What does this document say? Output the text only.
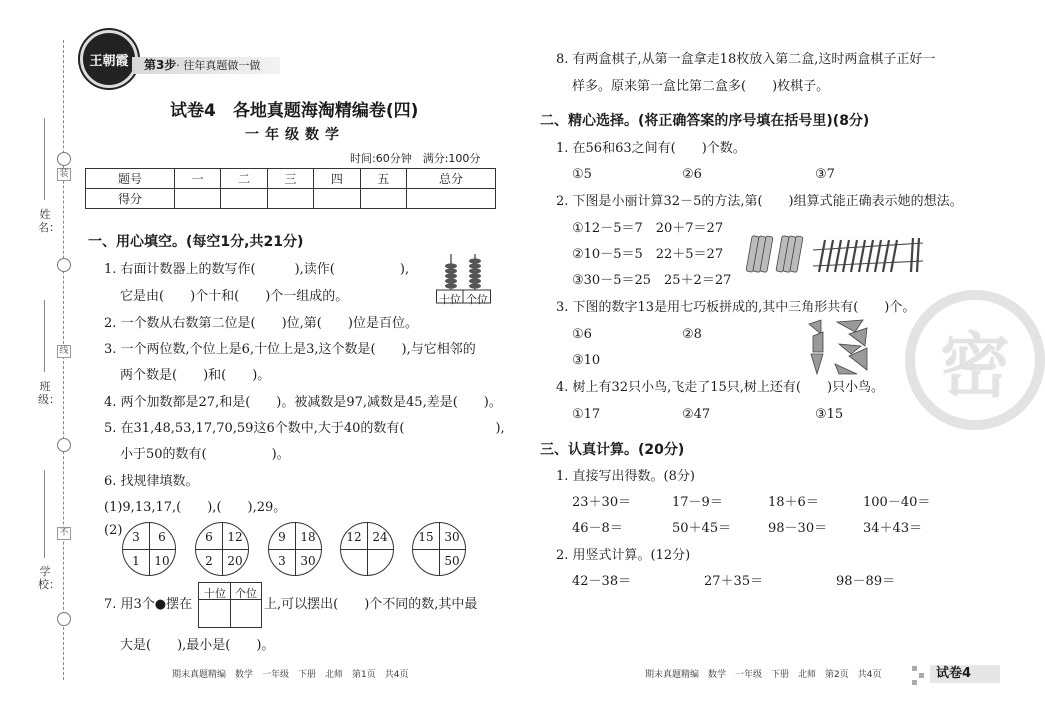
装
线
不
姓名：
班级：
学校：
王朝霞	第3步· 往年真题做一做
试卷4　各地真题海淘精编卷(四)
一年级数学
时间:60分钟　满分:100分
题号	一	二	三	四	五	总分
得分						
一、用心填空。(每空1分,共21分)
1. 右面计数器上的数写作(　　　),读作(　　　　　),
它是由(　　)个十和(　　)个一组成的。	十位 个位
2. 一个数从右数第二位是(　　)位,第(　　)位是百位。
3. 一个两位数,个位上是6,十位上是3,这个数是(　　),与它相邻的
两个数是(　　)和(　　)。
4. 两个加数都是27,和是(　　)。被减数是97,减数是45,差是(　　)。
5. 在31,48,53,17,70,59这6个数中,大于40的数有(　　　　　　　),
小于50的数有(　　　　　)。
6. 找规律填数。
(1)9,13,17,(　　),(　　),29。
(2) 3	6
1	10
6	12
2	20
9	18
3	30
12 24	15 30
50
7. 用3个●摆在
十位 个位
上,可以摆出(　　)个不同的数,其中最
大是(　　),最小是(　　)。
期末真题精编　数学　一年级　下册　北师　第1页　共4页
8. 有两盒棋子,从第一盒拿走18枚放入第二盒,这时两盒棋子正好一
样多。原来第一盒比第二盒多(　　)枚棋子。
二、精心选择。(将正确答案的序号填在括号里)(8分)
1. 在56和63之间有(　　)个数。
①5	②6	③7
2. 下图是小丽计算32－5的方法,第(　　)组算式能正确表示她的想法。
①12－5＝7　20＋7＝27
②10－5＝5　22＋5＝27
③30－5＝25　25＋2＝27
3. 下图的数字13是用七巧板拼成的,其中三角形共有(　　)个。
①6	②8
③10
4. 树上有32只小鸟,飞走了15只,树上还有(　　)只小鸟。
①17	②47	③15
三、认真计算。(20分)
1. 直接写出得数。(8分)
23＋30＝	17－9＝	18＋6＝	100－40＝
46－8＝	50＋45＝	98－30＝	34＋43＝
2. 用竖式计算。(12分)
42－38＝	27＋35＝	98－89＝
密
期末真题精编　数学　一年级　下册　北师　第2页　共4页	试卷4
